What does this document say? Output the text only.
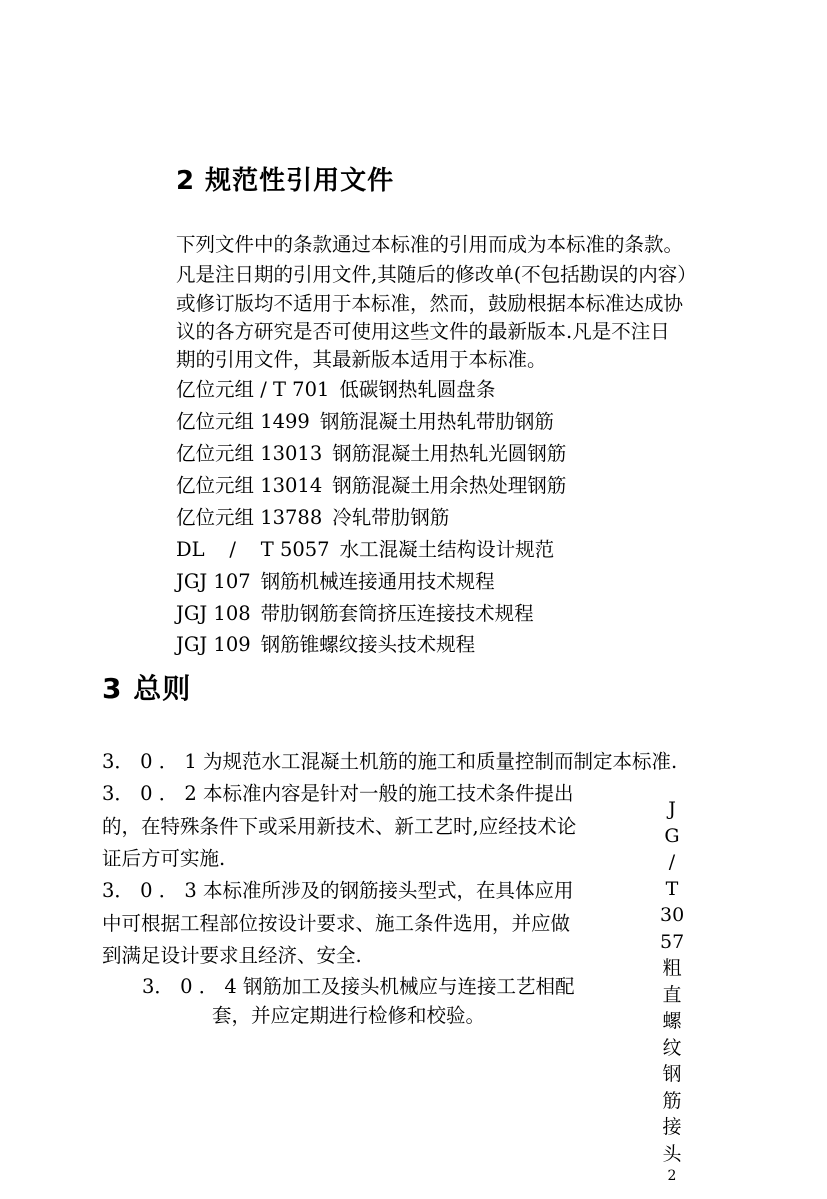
2 规范性引用文件
下列文件中的条款通过本标准的引用而成为本标准的条款。
凡是注日期的引用文件,其随后的修改单(不包括勘误的内容）
或修订版均不适用于本标准，然而，鼓励根据本标准达成协
议的各方研究是否可使用这些文件的最新版本.凡是不注日
期的引用文件，其最新版本适用于本标准。
亿位元组 / T 701 低碳钢热轧圆盘条
亿位元组 1499 钢筋混凝土用热轧带肋钢筋
亿位元组 13013 钢筋混凝土用热轧光圆钢筋
亿位元组 13014 钢筋混凝土用余热处理钢筋
亿位元组 13788 冷轧带肋钢筋
DL    /    T 5057 水工混凝土结构设计规范
JGJ 107 钢筋机械连接通用技术规程
JGJ 108 带肋钢筋套筒挤压连接技术规程
JGJ 109 钢筋锥螺纹接头技术规程
3 总则
3． 0 ． 1 为规范水工混凝土机筋的施工和质量控制而制定本标准.
3． 0 ． 2 本标准内容是针对一般的施工技术条件提出
的，在特殊条件下或采用新技术、新工艺时,应经技术论
证后方可实施.
3． 0 ． 3 本标准所涉及的钢筋接头型式，在具体应用
中可根据工程部位按设计要求、施工条件选用，并应做
到满足设计要求且经济、安全.
3． 0 ． 4 钢筋加工及接头机械应与连接工艺相配
套，并应定期进行检修和校验。
J
G
/
T
30
57
粗
直
螺
纹
钢
筋
接
头
2
